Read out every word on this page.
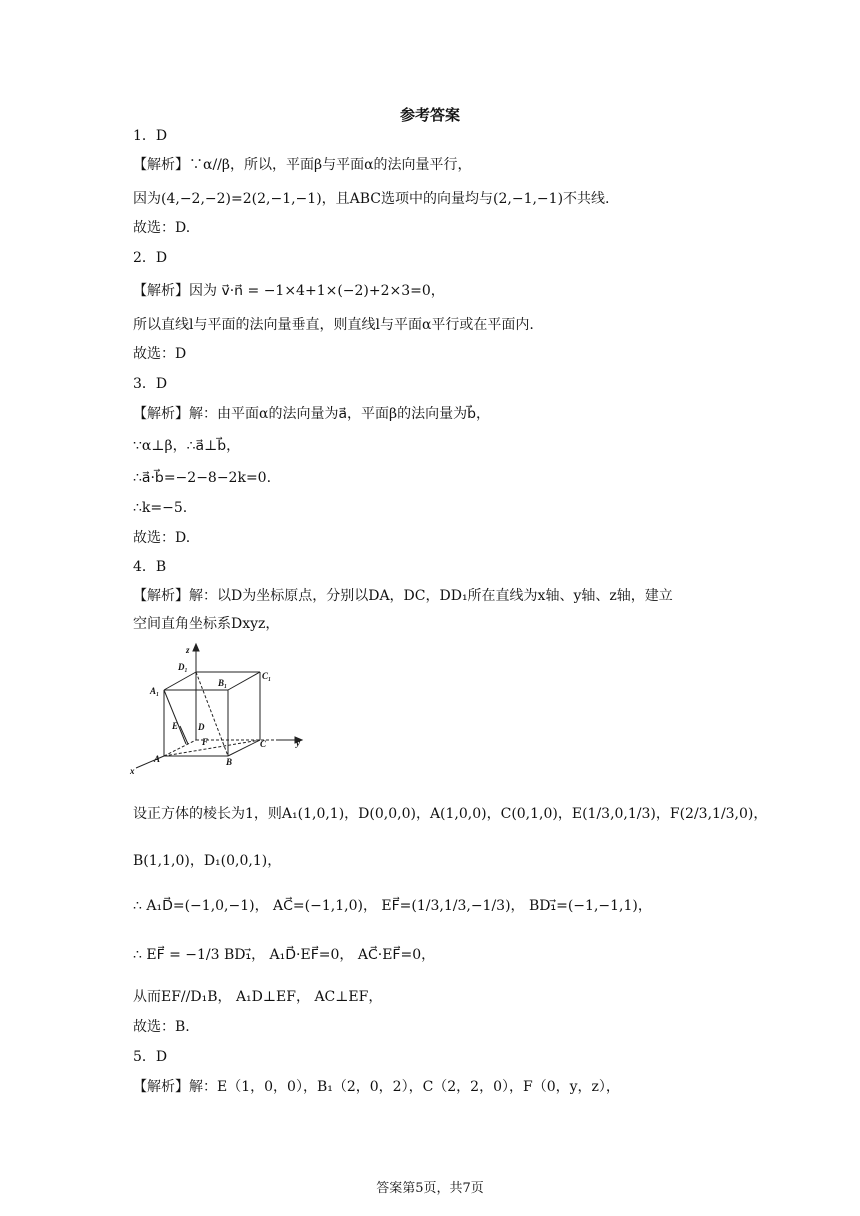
参考答案
1．D
【解析】∵α//β，所以，平面β与平面α的法向量平行，
因为(4,−2,−2)=2(2,−1,−1)，且ABC选项中的向量均与(2,−1,−1)不共线.
故选：D.
2．D
【解析】因为 v⃗·n⃗ = −1×4+1×(−2)+2×3=0，
所以直线l与平面的法向量垂直，则直线l与平面α平行或在平面内.
故选：D
3．D
【解析】解：由平面α的法向量为a⃗，平面β的法向量为b⃗，
∵α⊥β，∴a⃗⊥b⃗，
∴a⃗·b⃗=−2−8−2k=0.
∴k=−5.
故选：D.
4．B
【解析】解：以D为坐标原点，分别以DA，DC，DD₁所在直线为x轴、y轴、z轴，建立
空间直角坐标系Dxyz，
z
D₁
C₁
A₁
B₁
E D
F	C	y
A	B
x
设正方体的棱长为1，则A₁(1,0,1)，D(0,0,0)，A(1,0,0)，C(0,1,0)，E(1/3,0,1/3)，F(2/3,1/3,0)，
B(1,1,0)，D₁(0,0,1)，
∴ A₁D⃗=(−1,0,−1)， AC⃗=(−1,1,0)， EF⃗=(1/3,1/3,−1/3)， BD₁⃗=(−1,−1,1)，
∴ EF⃗ = −1/3 BD₁⃗， A₁D⃗·EF⃗=0， AC⃗·EF⃗=0，
从而EF//D₁B， A₁D⊥EF， AC⊥EF，
故选：B.
5．D
【解析】解：E（1，0，0），B₁（2，0，2），C（2，2，0），F（0，y，z），
答案第5页，共7页
